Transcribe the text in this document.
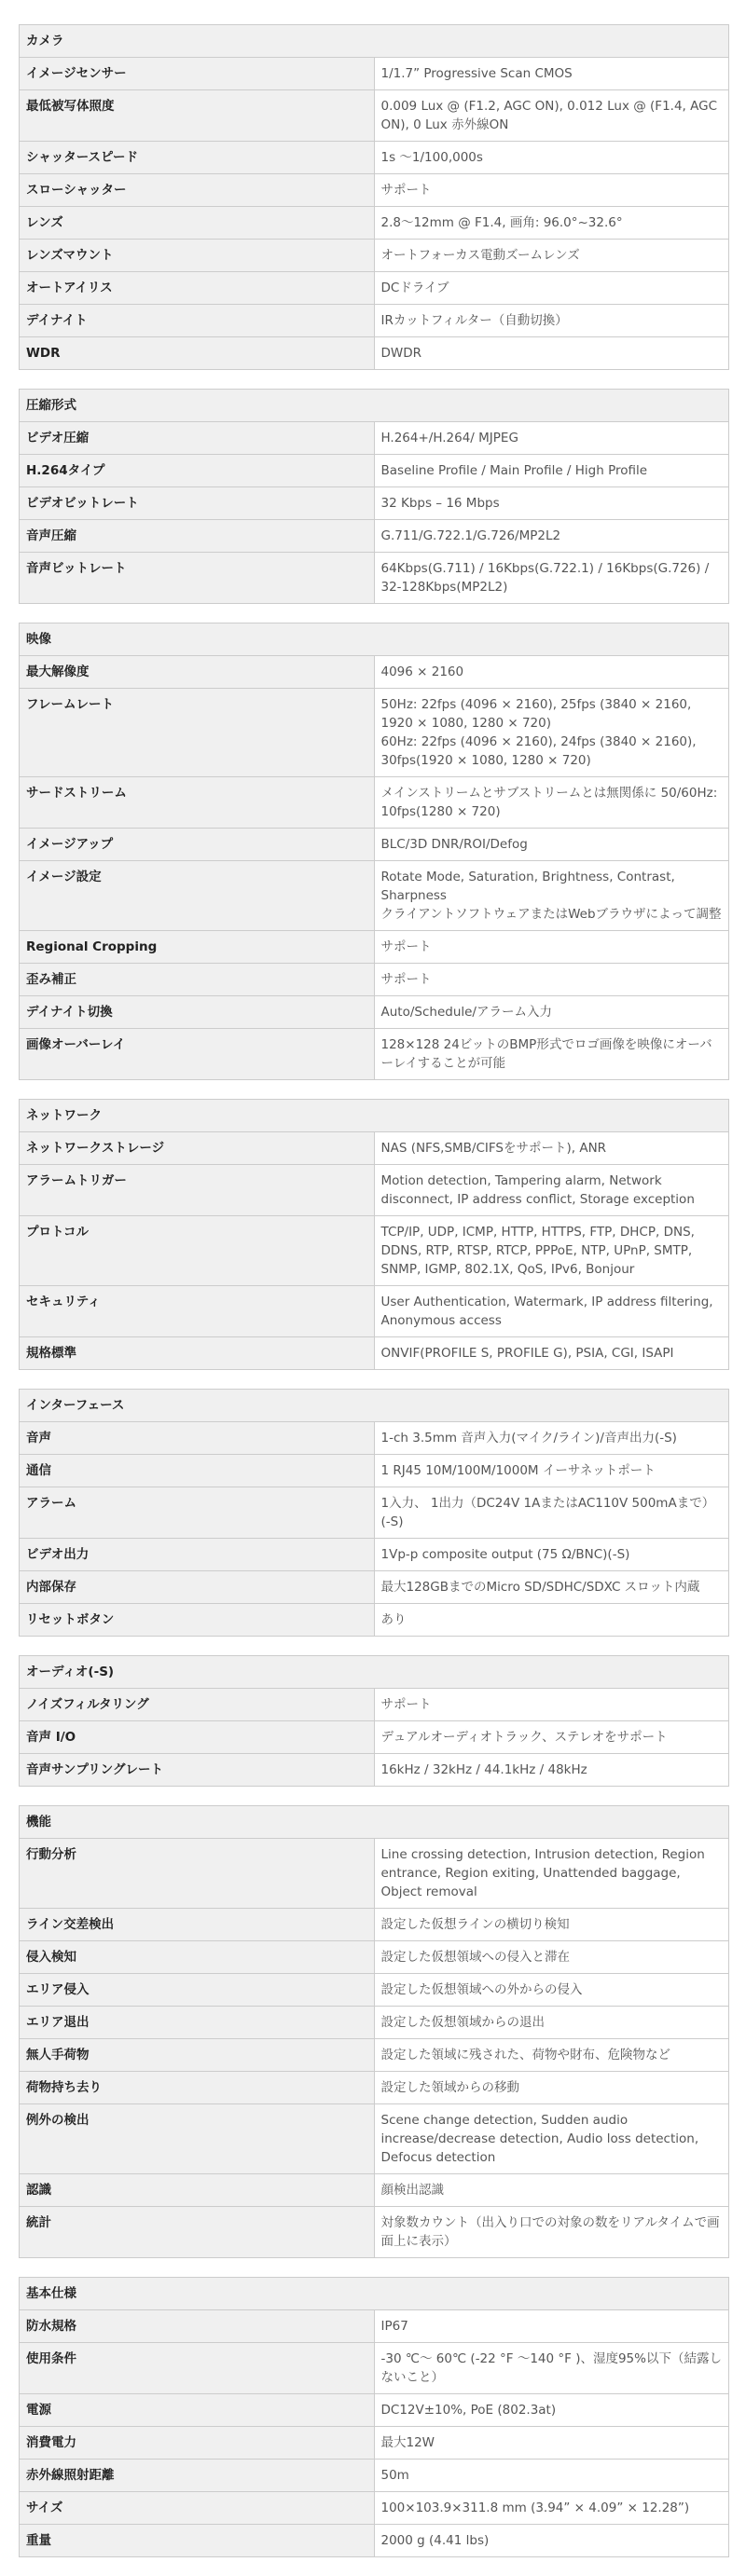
カメラ	
イメージセンサー	1/1.7” Progressive Scan CMOS

最低被写体照度	0.009 Lux @ (F1.2, AGC ON), 0.012 Lux @ (F1.4, AGC ON), 0 Lux 赤外線ON

シャッタースピード	1s ～1/100,000s

スローシャッター	サポート

レンズ	2.8～12mm @ F1.4, 画角: 96.0°~32.6°

レンズマウント	オートフォーカス電動ズームレンズ

オートアイリス	DCドライブ

デイナイト	IRカットフィルター（自動切換）

WDR	DWDR
圧縮形式	
ビデオ圧縮	H.264+/H.264/ MJPEG

H.264タイプ	Baseline Profile / Main Profile / High Profile

ビデオビットレート	32 Kbps – 16 Mbps

音声圧縮	G.711/G.722.1/G.726/MP2L2

音声ビットレート	64Kbps(G.711) / 16Kbps(G.722.1) / 16Kbps(G.726) / 32-128Kbps(MP2L2)
映像	
最大解像度	4096 × 2160

フレームレート	50Hz: 22fps (4096 × 2160), 25fps (3840 × 2160, 1920 × 1080, 1280 × 720)
60Hz: 22fps (4096 × 2160), 24fps (3840 × 2160), 30fps(1920 × 1080, 1280 × 720)

サードストリーム	メインストリームとサブストリームとは無関係に 50/60Hz: 10fps(1280 × 720)

イメージアップ	BLC/3D DNR/ROI/Defog

イメージ設定	Rotate Mode, Saturation, Brightness, Contrast, Sharpness
クライアントソフトウェアまたはWebブラウザによって調整

Regional Cropping	サポート

歪み補正	サポート

デイナイト切換	Auto/Schedule/アラーム入力

画像オーバーレイ	128×128 24ビットのBMP形式でロゴ画像を映像にオーバーレイすることが可能
ネットワーク	
ネットワークストレージ	NAS (NFS,SMB/CIFSをサポート), ANR

アラームトリガー	Motion detection, Tampering alarm, Network disconnect, IP address conflict, Storage exception

プロトコル	TCP/IP, UDP, ICMP, HTTP, HTTPS, FTP, DHCP, DNS, DDNS, RTP, RTSP, RTCP, PPPoE, NTP, UPnP, SMTP, SNMP, IGMP, 802.1X, QoS, IPv6, Bonjour

セキュリティ	User Authentication, Watermark, IP address filtering, Anonymous access

規格標準	ONVIF(PROFILE S, PROFILE G), PSIA, CGI, ISAPI
インターフェース	
音声	1-ch 3.5mm 音声入力(マイク/ライン)/音声出力(-S)

通信	1 RJ45 10M/100M/1000M イーサネットポート

アラーム	1入力、 1出力（DC24V 1AまたはAC110V 500mAまで）(-S)

ビデオ出力	1Vp-p composite output (75 Ω/BNC)(-S)

内部保存	最大128GBまでのMicro SD/SDHC/SDXC スロット内蔵

リセットボタン	あり
オーディオ(-S)	
ノイズフィルタリング	サポート

音声 I/O	デュアルオーディオトラック、ステレオをサポート

音声サンプリングレート	16kHz / 32kHz / 44.1kHz / 48kHz
機能	
行動分析	Line crossing detection, Intrusion detection, Region entrance, Region exiting, Unattended baggage, Object removal

ライン交差検出	設定した仮想ラインの横切り検知

侵入検知	設定した仮想領域への侵入と滞在

エリア侵入	設定した仮想領域への外からの侵入

エリア退出	設定した仮想領域からの退出

無人手荷物	設定した領域に残された、荷物や財布、危険物など

荷物持ち去り	設定した領域からの移動

例外の検出	Scene change detection, Sudden audio increase/decrease detection, Audio loss detection, Defocus detection

認識	顔検出認識

統計	対象数カウント（出入り口での対象の数をリアルタイムで画面上に表示）
基本仕様	
防水規格	IP67

使用条件	-30 ℃～ 60℃ (-22 °F ～140 °F )、湿度95%以下（結露しないこと）

電源	DC12V±10%, PoE (802.3at)

消費電力	最大12W

赤外線照射距離	50m

サイズ	100×103.9×311.8 mm (3.94” × 4.09” × 12.28”)

重量	2000 g (4.41 lbs)
